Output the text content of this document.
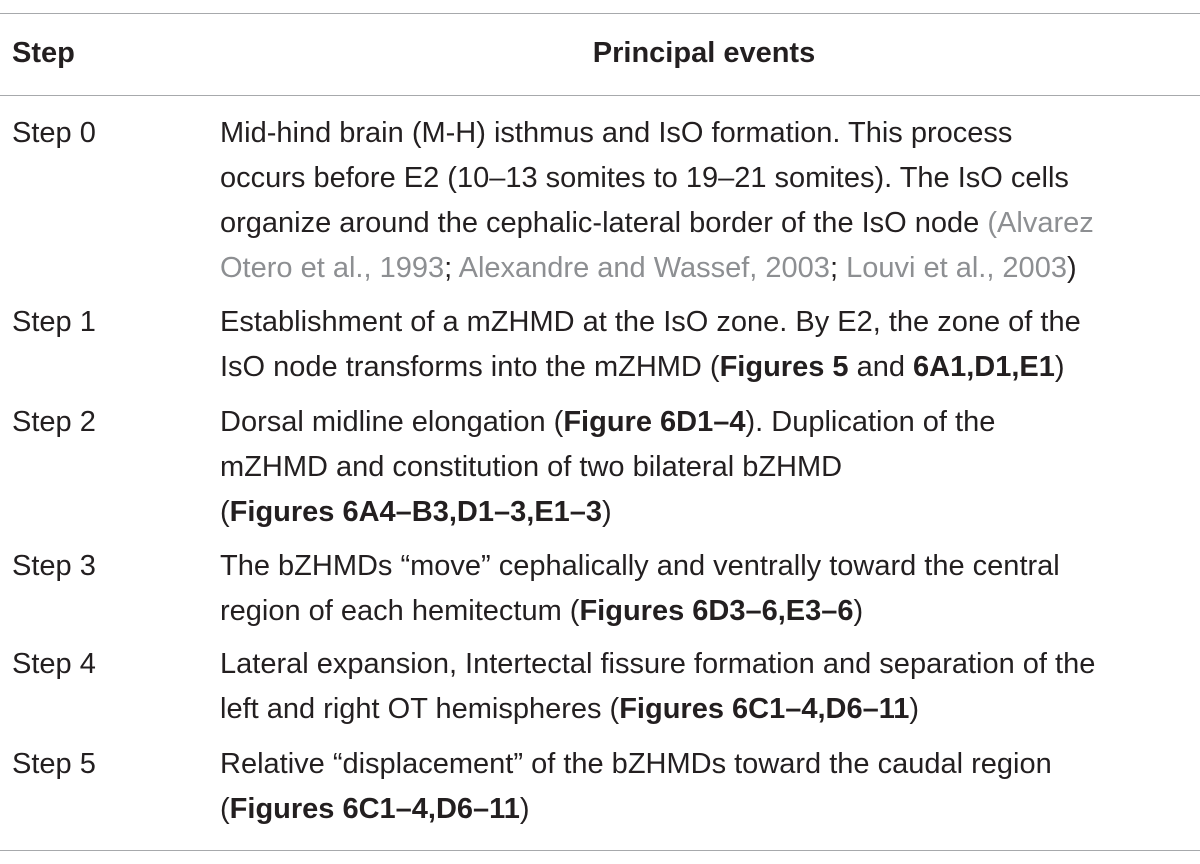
Step	Principal events
Step 0	Mid-hind brain (M-H) isthmus and IsO formation. This process
occurs before E2 (10–13 somites to 19–21 somites). The IsO cells
organize around the cephalic-lateral border of the IsO node (Alvarez
Otero et al., 1993; Alexandre and Wassef, 2003; Louvi et al., 2003)
Step 1	Establishment of a mZHMD at the IsO zone. By E2, the zone of the
IsO node transforms into the mZHMD (Figures 5 and 6A1,D1,E1)
Step 2	Dorsal midline elongation (Figure 6D1–4). Duplication of the
mZHMD and constitution of two bilateral bZHMD
(Figures 6A4–B3,D1–3,E1–3)
Step 3	The bZHMDs “move” cephalically and ventrally toward the central
region of each hemitectum (Figures 6D3–6,E3–6)
Step 4	Lateral expansion, Intertectal fissure formation and separation of the
left and right OT hemispheres (Figures 6C1–4,D6–11)
Step 5	Relative “displacement” of the bZHMDs toward the caudal region
(Figures 6C1–4,D6–11)
